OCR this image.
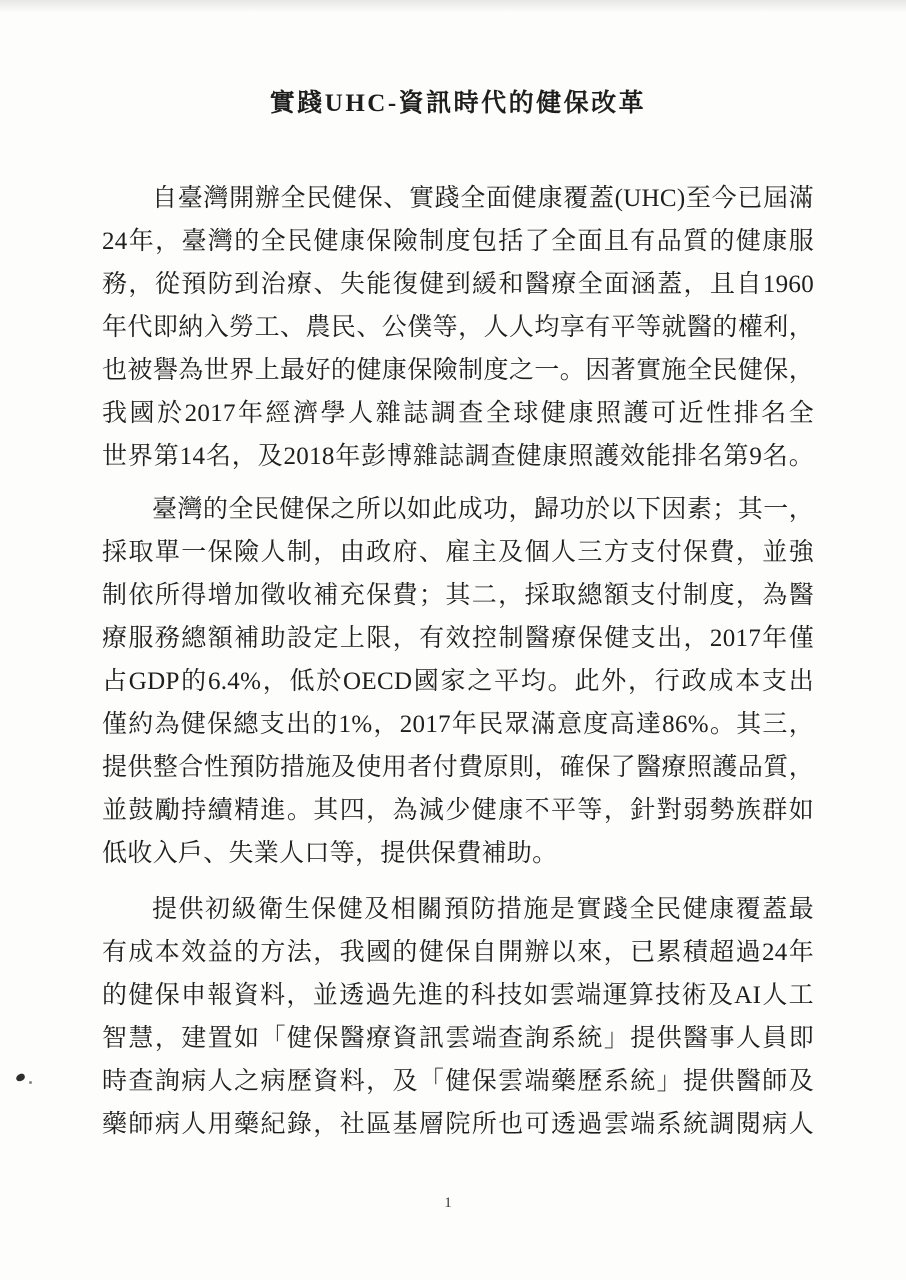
實踐UHC-資訊時代的健保改革
自臺灣開辦全民健保、實踐全面健康覆蓋(UHC)至今已屆滿
24年，臺灣的全民健康保險制度包括了全面且有品質的健康服
務，從預防到治療、失能復健到緩和醫療全面涵蓋，且自1960
年代即納入勞工、農民、公僕等，人人均享有平等就醫的權利，
也被譽為世界上最好的健康保險制度之一。因著實施全民健保，
我國於2017年經濟學人雜誌調查全球健康照護可近性排名全
世界第14名，及2018年彭博雜誌調查健康照護效能排名第9名。
臺灣的全民健保之所以如此成功，歸功於以下因素；其一，
採取單一保險人制，由政府、雇主及個人三方支付保費，並強
制依所得增加徵收補充保費；其二，採取總額支付制度，為醫
療服務總額補助設定上限，有效控制醫療保健支出，2017年僅
占GDP的6.4%，低於OECD國家之平均。此外，行政成本支出
僅約為健保總支出的1%，2017年民眾滿意度高達86%。其三，
提供整合性預防措施及使用者付費原則，確保了醫療照護品質，
並鼓勵持續精進。其四，為減少健康不平等，針對弱勢族群如
低收入戶、失業人口等，提供保費補助。
提供初級衛生保健及相關預防措施是實踐全民健康覆蓋最
有成本效益的方法，我國的健保自開辦以來，已累積超過24年
的健保申報資料，並透過先進的科技如雲端運算技術及AI人工
智慧，建置如「健保醫療資訊雲端查詢系統」提供醫事人員即
時查詢病人之病歷資料，及「健保雲端藥歷系統」提供醫師及
藥師病人用藥紀錄，社區基層院所也可透過雲端系統調閱病人
1
